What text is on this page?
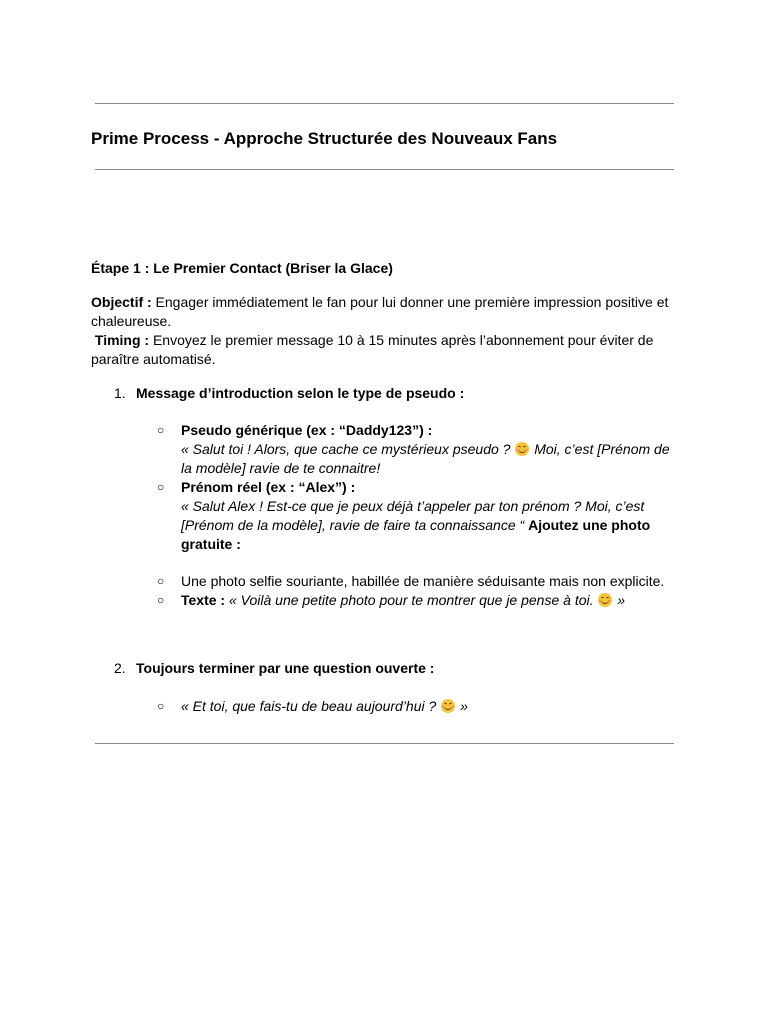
Prime Process - Approche Structurée des Nouveaux Fans
Étape 1 : Le Premier Contact (Briser la Glace)
Objectif : Engager immédiatement le fan pour lui donner une première impression positive et chaleureuse.
Timing : Envoyez le premier message 10 à 15 minutes après l’abonnement pour éviter de paraître automatisé.
1. Message d’introduction selon le type de pseudo :
○ Pseudo générique (ex : “Daddy123”) :
« Salut toi ! Alors, que cache ce mystérieux pseudo ?
Moi, c’est [Prénom de la modèle] ravie de te connaitre!
○ Prénom réel (ex : “Alex”) :
« Salut Alex ! Est-ce que je peux déjà t’appeler par ton prénom ? Moi, c’est [Prénom de la modèle], ravie de faire ta connaissance “ Ajoutez une photo gratuite :
○ Une photo selfie souriante, habillée de manière séduisante mais non explicite.
○ Texte : « Voilà une petite photo pour te montrer que je pense à toi.
»
2. Toujours terminer par une question ouverte :
○ « Et toi, que fais-tu de beau aujourd’hui ?
»
